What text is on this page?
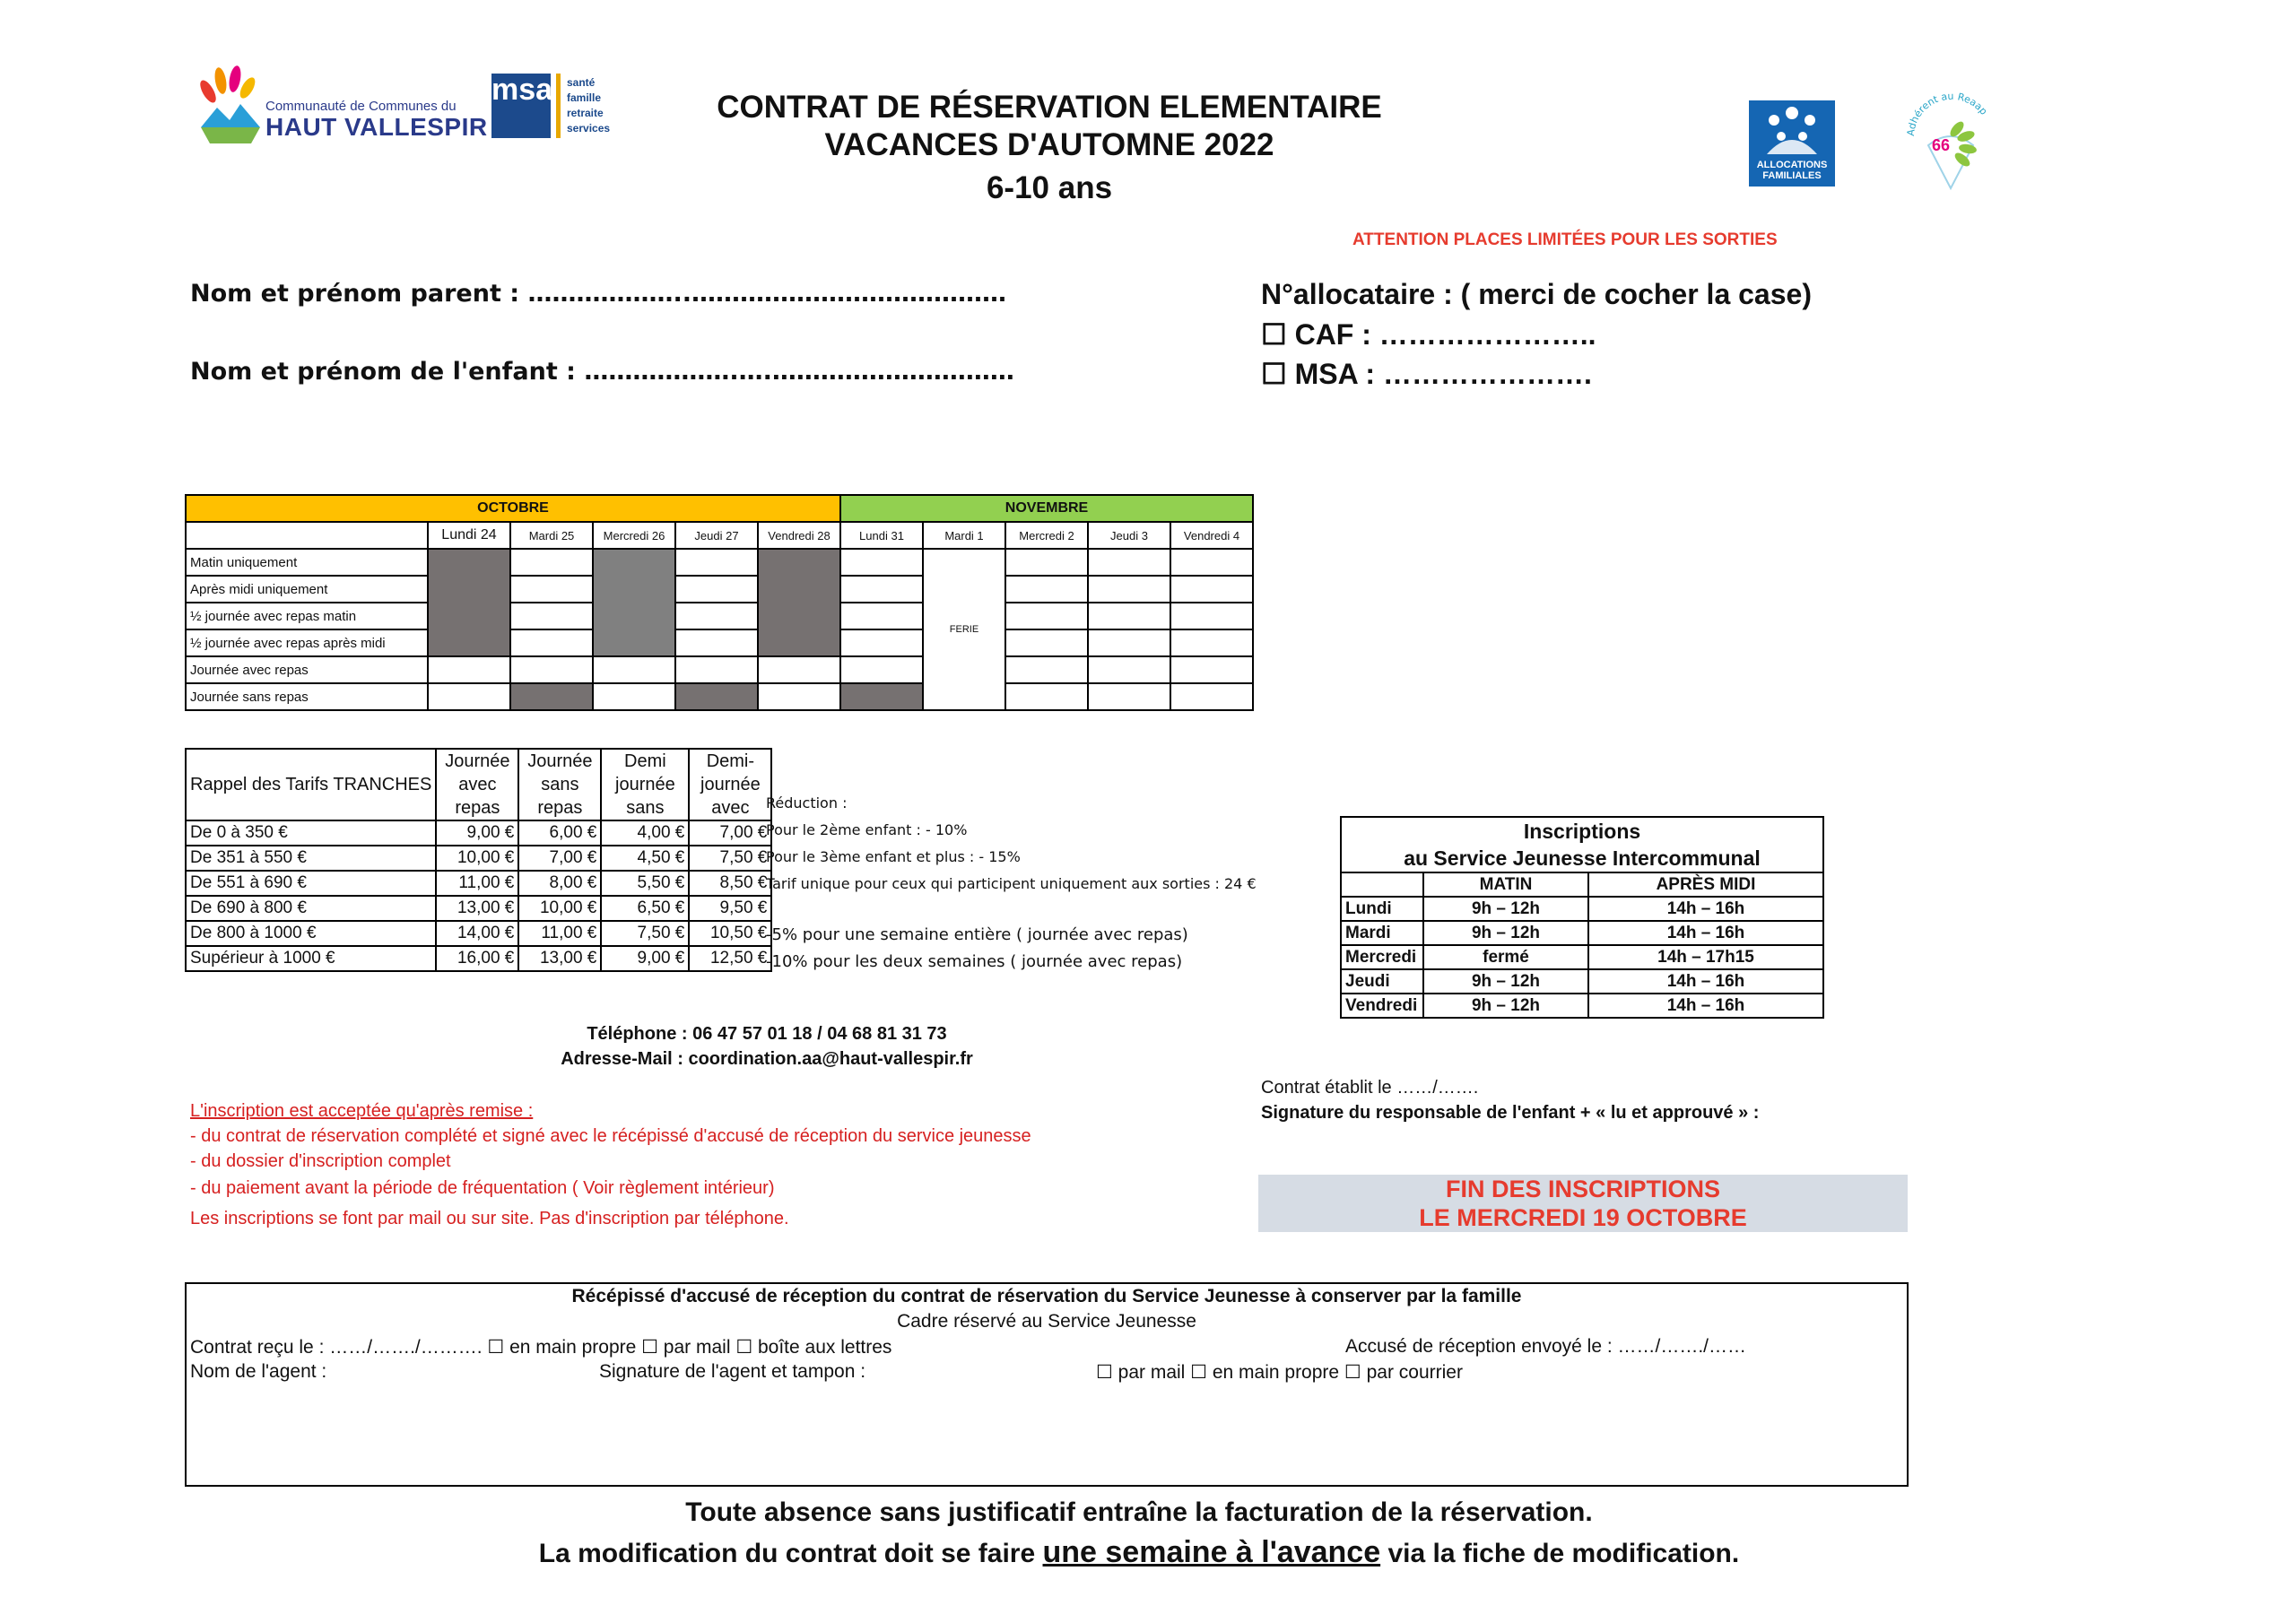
Communauté de Communes du
HAUT VALLESPIR
msa santé
famille
retraite
services
ALLOCATIONS FAMILIALES
Adhérent au Reaap
66
CONTRAT DE RÉSERVATION ELEMENTAIRE
VACANCES D'AUTOMNE 2022
6-10 ans
ATTENTION PLACES LIMITÉES POUR LES SORTIES
Nom et prénom parent : ………………..…………………………………
Nom et prénom de l'enfant : ……………….….…………………………
N°allocataire : ( merci de cocher la case)
☐ CAF : …………………..
☐ MSA : ………………….
OCTOBRE						NOVEMBRE				
	Lundi 24	Mardi 25	Mercredi 26	Jeudi 27	Vendredi 28	Lundi 31	Mardi 1	Mercredi 2	Jeudi 3	Vendredi 4
Matin uniquement							FERIE			
Après midi uniquement										
½ journée avec repas matin										
½ journée avec repas après midi										
Journée avec repas										
Journée sans repas										
Rappel des Tarifs TRANCHES	Journée avec repas	Journée sans repas	Demi journée sans	Demi-journée avec
De 0 à 350 €	9,00 €	6,00 €	4,00 €	7,00 €
De 351 à 550 €	10,00 €	7,00 €	4,50 €	7,50 €
De 551 à 690 €	11,00 €	8,00 €	5,50 €	8,50 €
De 690 à 800 €	13,00 €	10,00 €	6,50 €	9,50 €
De 800 à 1000 €	14,00 €	11,00 €	7,50 €	10,50 €
Supérieur à 1000 €	16,00 €	13,00 €	9,00 €	12,50 €
Réduction :
Pour le 2ème enfant : - 10%
Pour le 3ème enfant et plus : - 15%
Tarif unique pour ceux qui participent uniquement aux sorties : 24 €
-5% pour une semaine entière ( journée avec repas)
-10% pour les deux semaines ( journée avec repas)
Inscriptions
au Service Jeunesse Intercommunal		

	MATIN	APRÈS MIDI
Lundi	9h – 12h	14h – 16h
Mardi	9h – 12h	14h – 16h
Mercredi	fermé	14h – 17h15
Jeudi	9h – 12h	14h – 16h
Vendredi	9h – 12h	14h – 16h
Téléphone : 06 47 57 01 18 / 04 68 81 31 73
Adresse-Mail : coordination.aa@haut-vallespir.fr
L'inscription est acceptée qu'après remise :
- du contrat de réservation complété et signé avec le récépissé d'accusé de réception du service jeunesse
- du dossier d'inscription complet
- du paiement avant la période de fréquentation ( Voir règlement intérieur)
Les inscriptions se font par mail ou sur site. Pas d'inscription par téléphone.
Contrat établit le ……/…….
Signature du responsable de l'enfant + « lu et approuvé » :
FIN DES INSCRIPTIONS
LE MERCREDI 19 OCTOBRE
Récépissé d'accusé de réception du contrat de réservation du Service Jeunesse à conserver par la famille
Cadre réservé au Service Jeunesse
Contrat reçu le : ……/……./………. ☐ en main propre ☐ par mail ☐ boîte aux lettres	Accusé de réception envoyé le : ……/……./……
Nom de l'agent :	Signature de l'agent et tampon :	☐ par mail ☐ en main propre ☐ par courrier
Toute absence sans justificatif entraîne la facturation de la réservation.
La modification du contrat doit se faire une semaine à l'avance via la fiche de modification.
